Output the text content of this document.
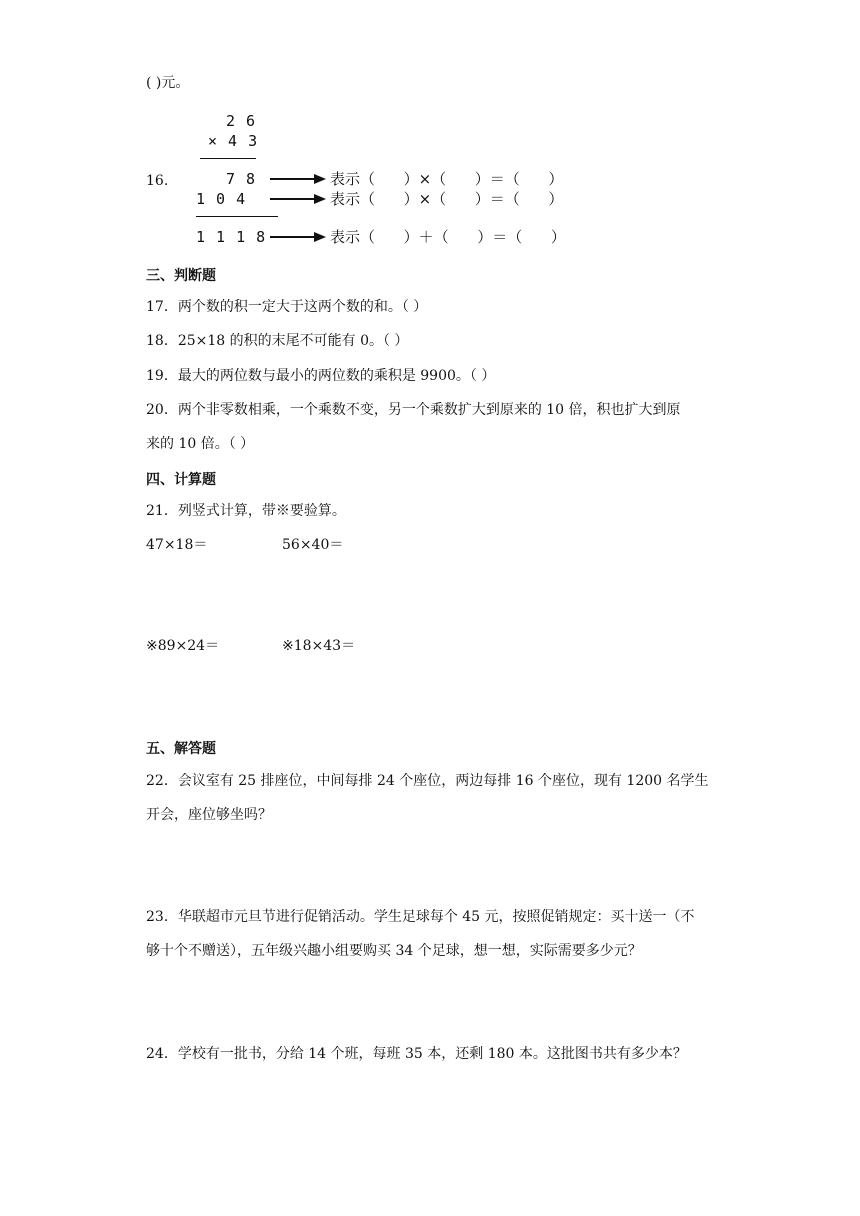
( )元。
2 6
× 4 3
16.	7 8	表示（      ）×（      ）＝（      ）
1 0 4	表示（      ）×（      ）＝（      ）
1 1 1 8	表示（      ）＋（      ）＝（      ）
三、判断题
17．两个数的积一定大于这两个数的和。（ ）
18．25×18 的积的末尾不可能有 0。（ ）
19．最大的两位数与最小的两位数的乘积是 9900。（ ）
20．两个非零数相乘，一个乘数不变，另一个乘数扩大到原来的 10 倍，积也扩大到原
来的 10 倍。（ ）
四、计算题
21．列竖式计算，带※要验算。
47×18＝	56×40＝
※89×24＝	※18×43＝
五、解答题
22．会议室有 25 排座位，中间每排 24 个座位，两边每排 16 个座位，现有 1200 名学生
开会，座位够坐吗？
23．华联超市元旦节进行促销活动。学生足球每个 45 元，按照促销规定：买十送一（不
够十个不赠送），五年级兴趣小组要购买 34 个足球，想一想，实际需要多少元？
24．学校有一批书，分给 14 个班，每班 35 本，还剩 180 本。这批图书共有多少本？
